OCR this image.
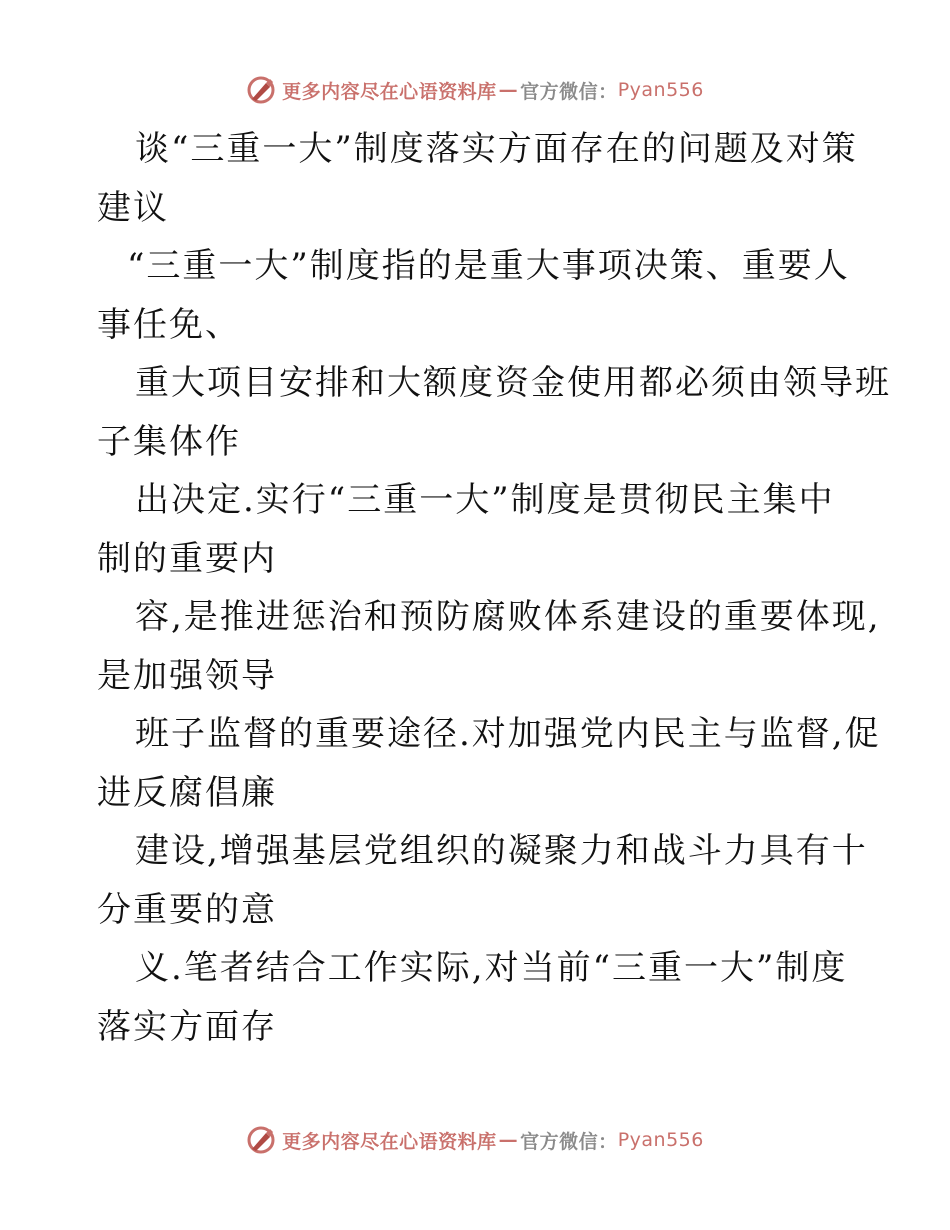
更多内容尽在心语资料库 — 官方微信： Pyan556
谈“三重一大”制度落实方面存在的问题及对策
建议
“三重一大”制度指的是重大事项决策、重要人
事任免、
重大项目安排和大额度资金使用都必须由领导班
子集体作
出决定.实行“三重一大”制度是贯彻民主集中
制的重要内
容,是推进惩治和预防腐败体系建设的重要体现,
是加强领导
班子监督的重要途径.对加强党内民主与监督,促
进反腐倡廉
建设,增强基层党组织的凝聚力和战斗力具有十
分重要的意
义.笔者结合工作实际,对当前“三重一大”制度
落实方面存
更多内容尽在心语资料库 — 官方微信： Pyan556
